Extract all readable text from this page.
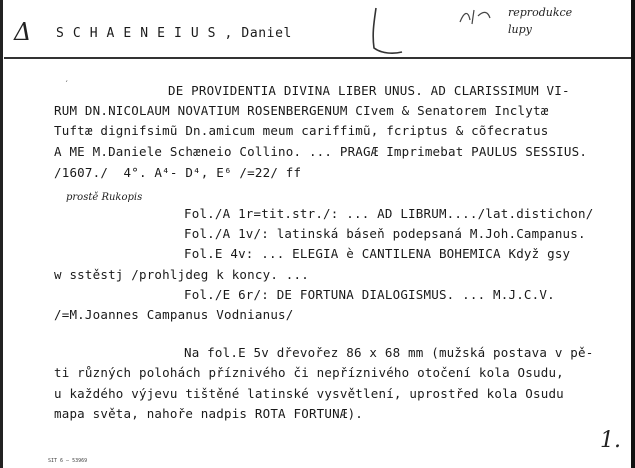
Δ S C H A E N E I U S , Daniel
reprodukce
lupy
′	DE PROVIDENTIA DIVINA LIBER UNUS. AD CLARISSIMUM VI-
RUM DN.NICOLAUM NOVATIUM ROSENBERGENUM CIvem & Senatorem Inclytæ
Tuftæ dignifsimũ Dn.amicum meum cariffimũ, fcriptus & cõfecratus
A ME M.Daniele Schæneio Collino. ... PRAGÆ Imprimebat PAULUS SESSIUS.
/1607./  4°. A⁴- D⁴, E⁶ /=22/ ff
prostě Rukopis
Fol./A 1r=tit.str./: ... AD LIBRUM..../lat.distichon/
Fol./A 1v/: latinská báseň podepsaná M.Joh.Campanus.
Fol.E 4v: ... ELEGIA è CANTILENA BOHEMICA Když gsy
w sstěstj /prohljdeg k koncy. ...
Fol./E 6r/: DE FORTUNA DIALOGISMUS. ... M.J.C.V.
/=M.Joannes Campanus Vodnianus/
Na fol.E 5v dřevořez 86 x 68 mm (mužská postava v pě-
ti různých polohách příznivého či nepříznivého otočení kola Osudu,
u každého výjevu tištěné latinské vysvětlení, uprostřed kola Osudu
mapa světa, nahoře nadpis ROTA FORTUNÆ).
1.
SIT 6 — 53969
